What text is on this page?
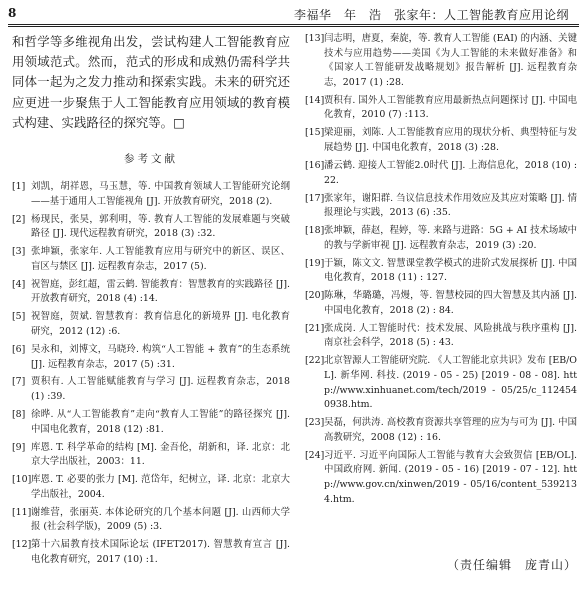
8	李福华　年　浩　张家年：人工智能教育应用论纲

和哲学等多维视角出发，尝试构建人工智能教育应用领域范式。然而，范式的形成和成熟仍需科学共同体一起为之发力推动和探索实践。未来的研究还应更进一步聚焦于人工智能教育应用领域的教育模式构建、实践路径的探究等。□

参考文献
[1] 刘凯，胡祥恩，马玉慧，等. 中国教育领域人工智能研究论纲——基于通用人工智能视角 [J]. 开放教育研究，2018 (2).
[2] 杨现民，张昊，郭利明，等. 教育人工智能的发展难题与突破路径 [J]. 现代远程教育研究，2018 (3) :32.
[3] 张坤颖，张家年. 人工智能教育应用与研究中的新区、误区、盲区与禁区 [J]. 远程教育杂志，2017 (5).
[4] 祝智庭，彭红超，雷云鹤. 智能教育：智慧教育的实践路径 [J]. 开放教育研究，2018 (4) :14.
[5] 祝智庭，贺斌. 智慧教育：教育信息化的新境界 [J]. 电化教育研究，2012 (12) :6.
[6] 吴永和，刘博文，马晓玲. 构筑“人工智能 + 教育”的生态系统 [J]. 远程教育杂志，2017 (5) :31.
[7] 贾积有. 人工智能赋能教育与学习 [J]. 远程教育杂志，2018 (1) :39.
[8] 徐晔. 从“人工智能教育”走向“教育人工智能”的路径探究 [J]. 中国电化教育，2018 (12) :81.
[9] 库恩. T. 科学革命的结构 [M]. 金吾伦，胡新和，译. 北京：北京大学出版社，2003：11.
[10] 库恩. T. 必要的张力 [M]. 范岱年，纪树立，译. 北京：北京大学出版社，2004.
[11] 谢维营，张丽英. 本体论研究的几个基本问题 [J]. 山西师大学报 (社会科学版)，2009 (5) :3.
[12] 第十六届教育技术国际论坛 (IFET2017). 智慧教育宣言 [J]. 电化教育研究，2017 (10) :1.
[13] 闫志明，唐夏，秦旋，等. 教育人工智能 (EAI) 的内涵、关键技术与应用趋势——美国《为人工智能的未来做好准备》和《国家人工智能研发战略规划》报告解析 [J]. 远程教育杂志，2017 (1) :28.
[14] 贾积有. 国外人工智能教育应用最新热点问题探讨 [J]. 中国电化教育，2010 (7) :113.
[15] 梁迎丽，刘陈. 人工智能教育应用的现状分析、典型特征与发展趋势 [J]. 中国电化教育，2018 (3) :28.
[16] 潘云鹤. 迎接人工智能2.0时代 [J]. 上海信息化，2018 (10) :22.
[17] 张家年，谢阳群. 刍议信息技术作用效应及其应对策略 [J]. 情报理论与实践，2013 (6) :35.
[18] 张坤颖，薛赵，程婷，等. 来路与进路：5G + AI 技术场域中的教与学新审视 [J]. 远程教育杂志，2019 (3) :20.
[19] 于颖，陈文文. 智慧课堂教学模式的进阶式发展探析 [J]. 中国电化教育，2018 (11) : 127.
[20] 陈琳，华璐璐，冯熳，等. 智慧校园的四大智慧及其内涵 [J]. 中国电化教育，2018 (2) : 84.
[21] 张成岗. 人工智能时代：技术发展、风险挑战与秩序重构 [J]. 南京社会科学，2018 (5) : 43.
[22] 北京智源人工智能研究院. 《人工智能北京共识》发布 [EB/OL]. 新华网. 科技. (2019 - 05 - 25) [2019 - 08 - 08]. http://www.xinhuanet.com/tech/2019 - 05/25/c_1124540938.htm.
[23] 吴磊，何洪涛. 高校教育资源共享管理的应为与可为 [J]. 中国高教研究，2008 (12) : 16.
[24] 习近平. 习近平向国际人工智能与教育大会致贺信 [EB/OL]. 中国政府网. 新闻. (2019 - 05 - 16) [2019 - 07 - 12]. http://www.gov.cn/xinwen/2019 - 05/16/content_5392134.htm.
（责任编辑　庞青山）
